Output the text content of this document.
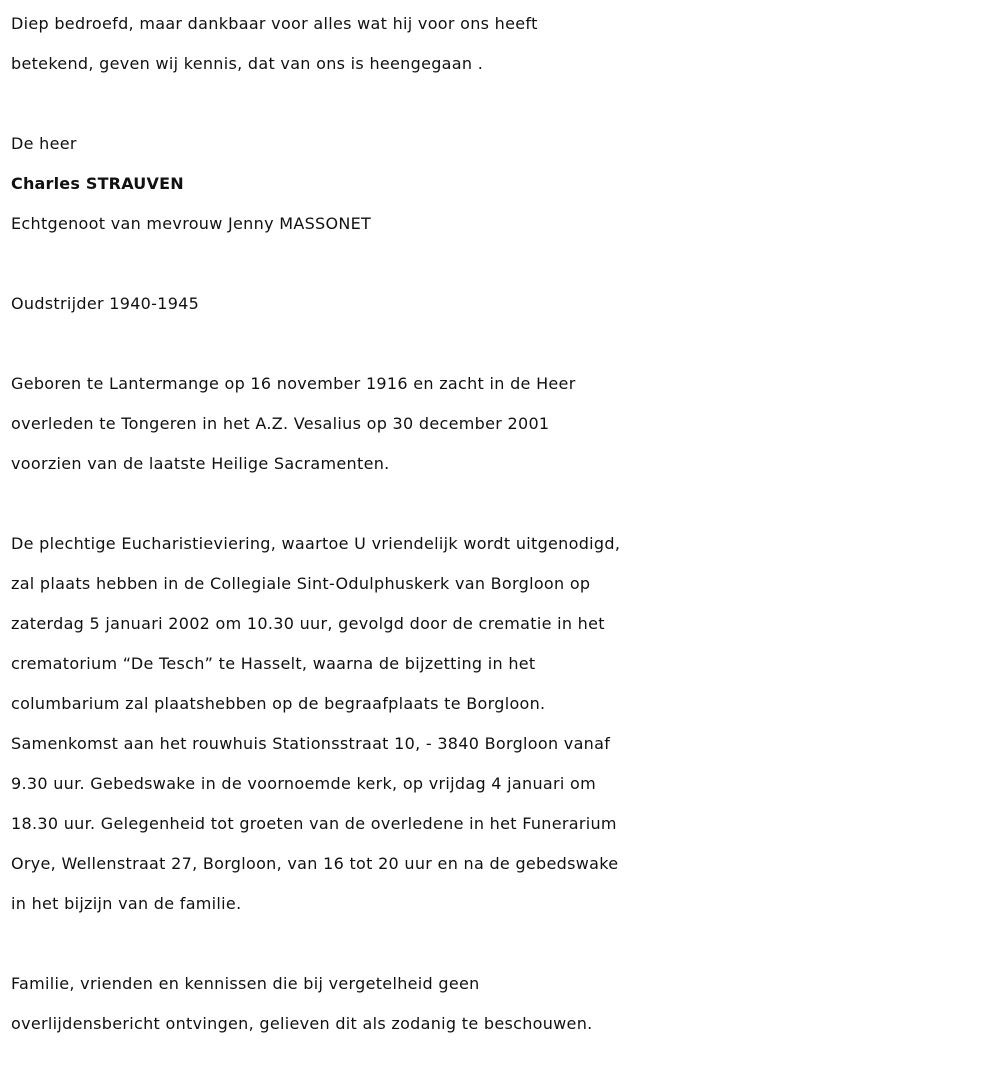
Diep bedroefd, maar dankbaar voor alles wat hij voor ons heeft
betekend, geven wij kennis, dat van ons is heengegaan .
De heer
Charles STRAUVEN
Echtgenoot van mevrouw Jenny MASSONET
Oudstrijder 1940-1945
Geboren te Lantermange op 16 november 1916 en zacht in de Heer
overleden te Tongeren in het A.Z. Vesalius op 30 december 2001
voorzien van de laatste Heilige Sacramenten.
De plechtige Eucharistieviering, waartoe U vriendelijk wordt uitgenodigd,
zal plaats hebben in de Collegiale Sint-Odulphuskerk van Borgloon op
zaterdag 5 januari 2002 om 10.30 uur, gevolgd door de crematie in het
crematorium “De Tesch” te Hasselt, waarna de bijzetting in het
columbarium zal plaatshebben op de begraafplaats te Borgloon.
Samenkomst aan het rouwhuis Stationsstraat 10, - 3840 Borgloon vanaf
9.30 uur. Gebedswake in de voornoemde kerk, op vrijdag 4 januari om
18.30 uur. Gelegenheid tot groeten van de overledene in het Funerarium
Orye, Wellenstraat 27, Borgloon, van 16 tot 20 uur en na de gebedswake
in het bijzijn van de familie.
Familie, vrienden en kennissen die bij vergetelheid geen
overlijdensbericht ontvingen, gelieven dit als zodanig te beschouwen.
